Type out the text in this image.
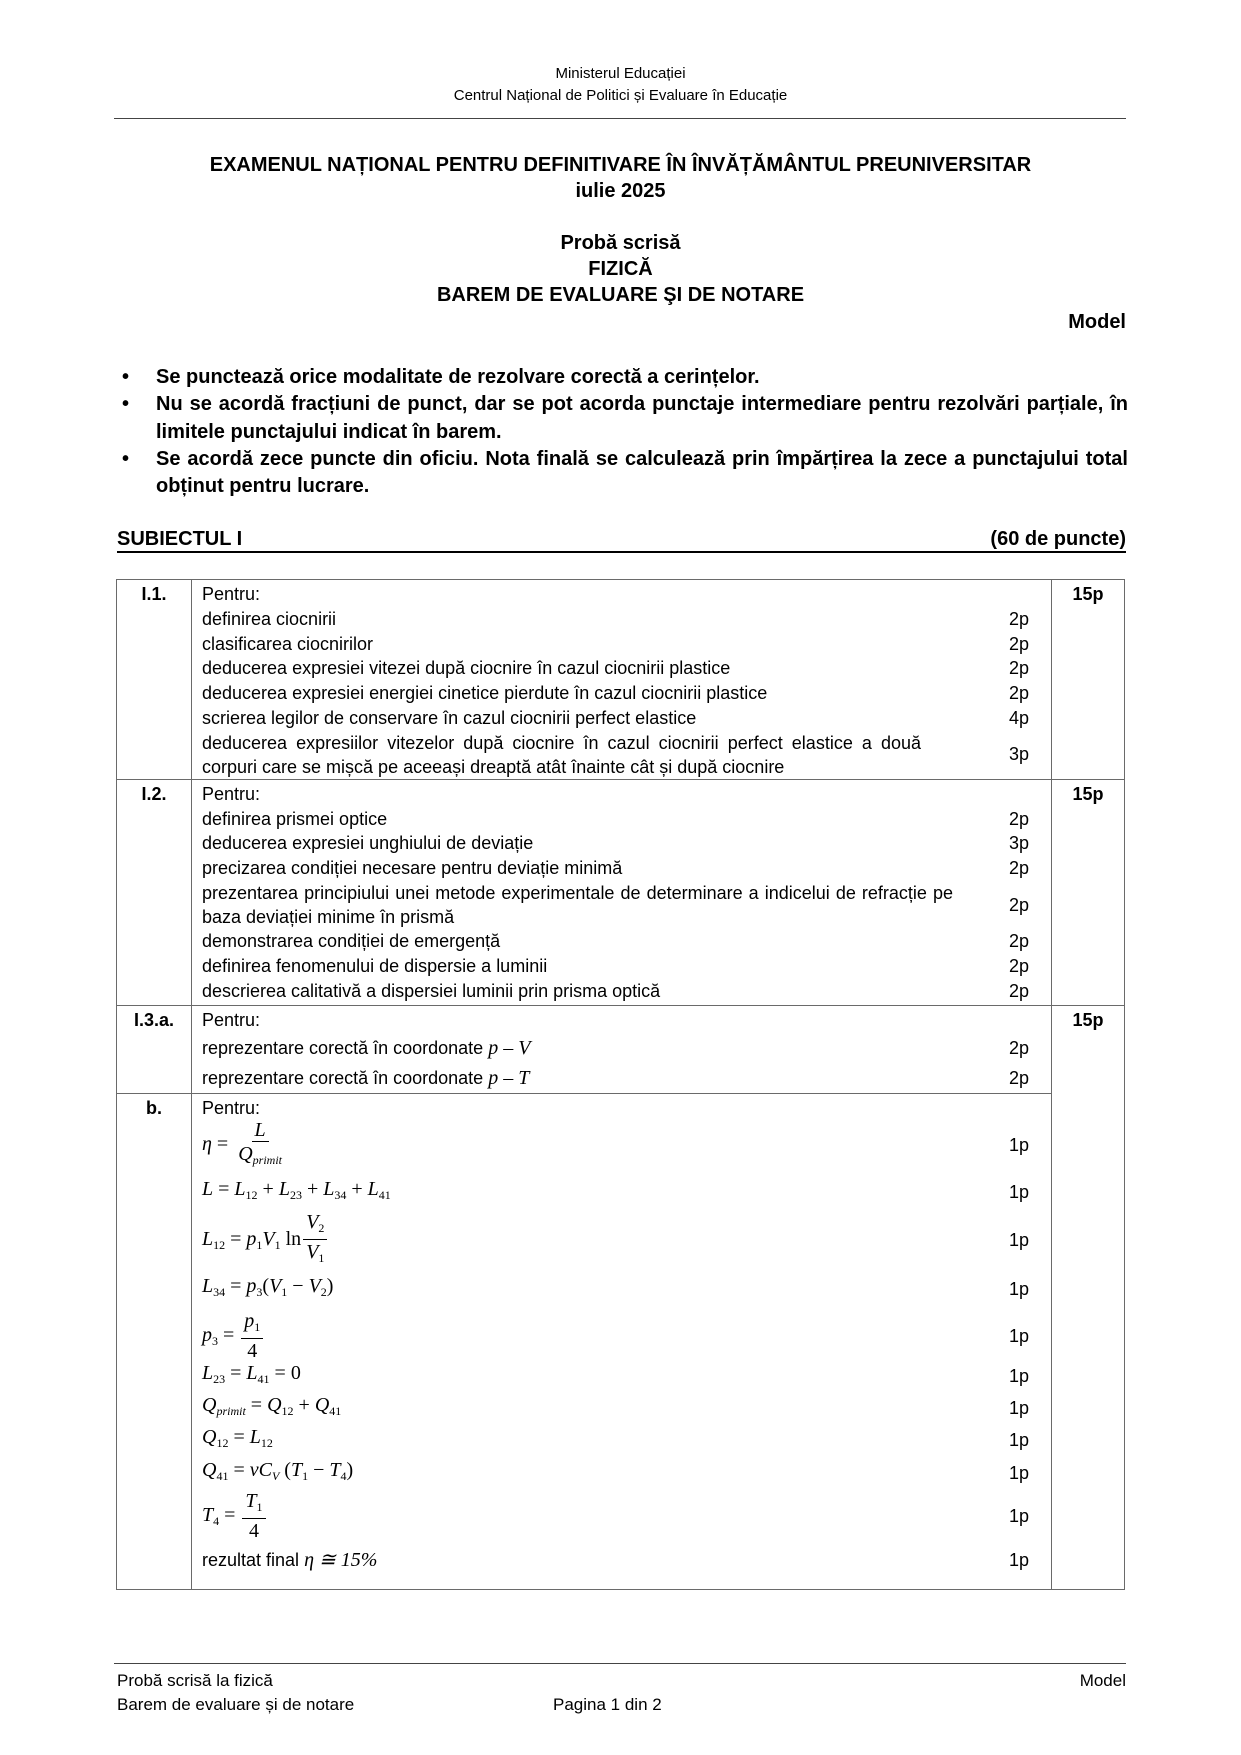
Ministerul Educației
Centrul Național de Politici și Evaluare în Educație
EXAMENUL NAȚIONAL PENTRU DEFINITIVARE ÎN ÎNVĂȚĂMÂNTUL PREUNIVERSITAR
iulie 2025
Probă scrisă
FIZICĂ
BAREM DE EVALUARE ŞI DE NOTARE
Model
•	Se punctează orice modalitate de rezolvare corectă a cerințelor.
•	Nu se acordă fracțiuni de punct, dar se pot acorda punctaje intermediare pentru rezolvări parțiale, în limitele punctajului indicat în barem.
•	Se acordă zece puncte din oficiu. Nota finală se calculează prin împărțirea la zece a punctajului total obținut pentru lucrare.
SUBIECTUL I	(60 de puncte)
I.1.	Pentru:
definirea ciocnirii	2p
clasificarea ciocnirilor	2p
deducerea expresiei vitezei după ciocnire în cazul ciocnirii plastice	2p
deducerea expresiei energiei cinetice pierdute în cazul ciocnirii plastice	2p
scrierea legilor de conservare în cazul ciocnirii perfect elastice	4p
deducerea expresiilor vitezelor după ciocnire în cazul ciocnirii perfect elastice a două corpuri care se mișcă pe aceeași dreaptă atât înainte cât și după ciocnire
3p
	15p
I.2.	Pentru:
definirea prismei optice	2p
deducerea expresiei unghiului de deviație	3p
precizarea condiției necesare pentru deviație minimă	2p
prezentarea principiului unei metode experimentale de determinare a indicelui de refracție pe baza deviației minime în prismă
2p
demonstrarea condiției de emergență	2p
definirea fenomenului de dispersie a luminii	2p
descrierea calitativă a dispersiei luminii prin prisma optică	2p
	15p
I.3.a.	Pentru:
reprezentare corectă în coordonate p – V 2p
reprezentare corectă în coordonate p – T 2p	15p
b.	Pentru:
$\eta = \frac{L}{Q_{primit}}$	1p
$L = L_{12} + L_{23} + L_{34} + L_{41}$	1p
$L_{12} = p_1V_1$ $\ln \frac{V_2}{V_1}$	1p
$L_{34} = p_3(V_1 - V_2)$	1p
$p_3 = \frac{p_1}{4}$	1p
$L_{23} = L_{41} = 0$	1p
$Q_{primit} = Q_{12} + Q_{41}$	1p
$Q_{12} = L_{12}$	1p
$Q_{41} = \nu C_V$ $(T_1 - T_4)$	1p
$T_4 = \frac{T_1}{4}$	1p
rezultat final η ≅ 15%	1p
Probă scrisă la fizică
Barem de evaluare și de notare	Pagina 1 din 2
Model
